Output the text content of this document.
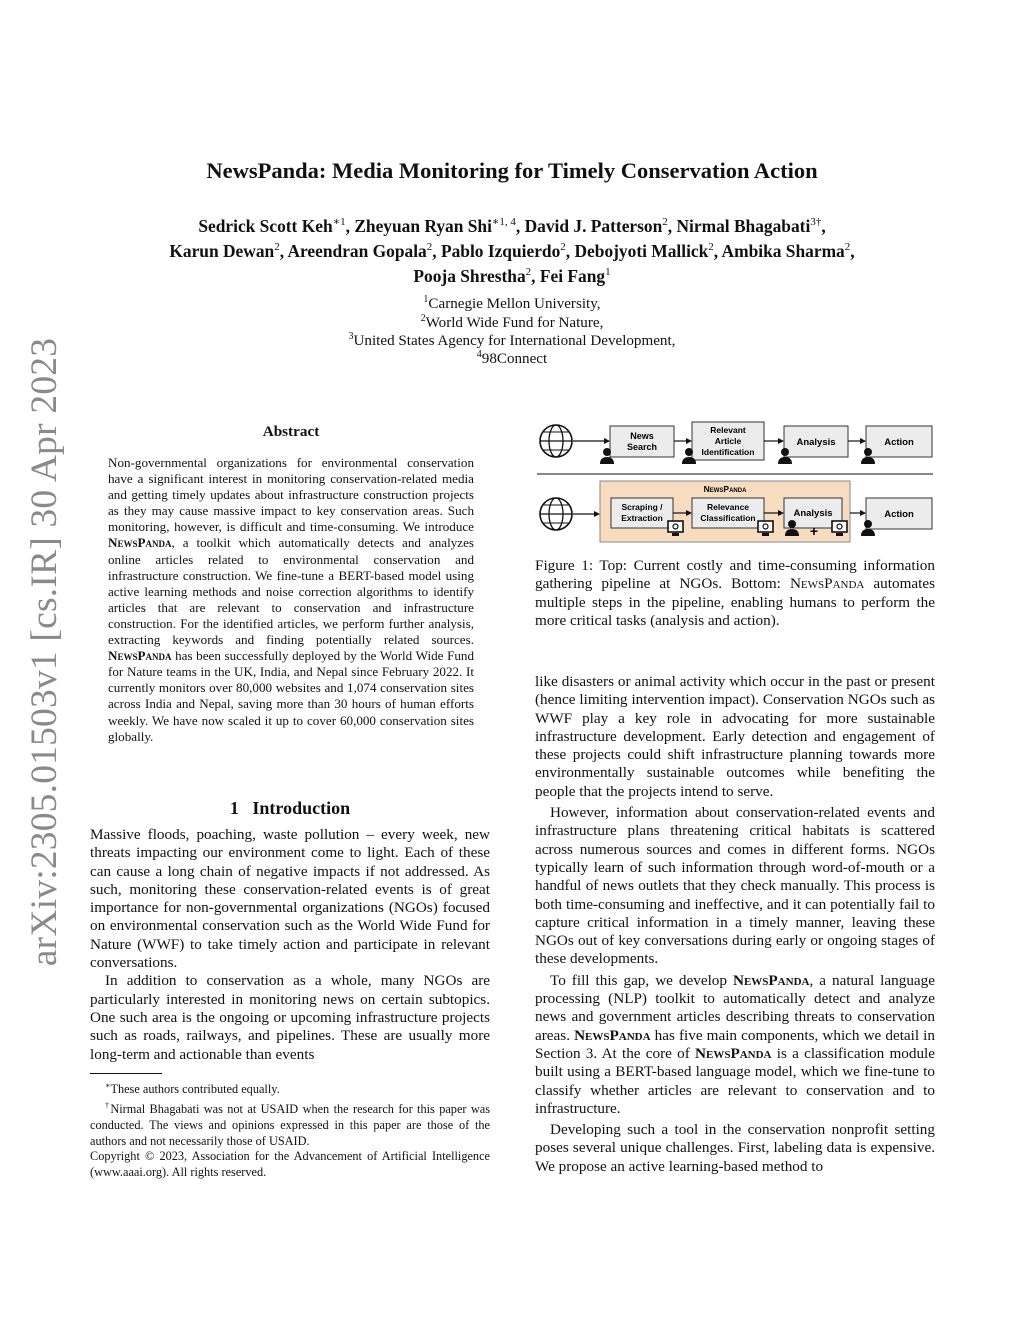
arXiv:2305.01503v1 [cs.IR] 30 Apr 2023
NewsPanda: Media Monitoring for Timely Conservation Action
Sedrick Scott Keh$^{∗1}$, Zheyuan Ryan Shi$^{∗1, 4}$, David J. Patterson$^2$, Nirmal Bhagabati$^{3\dagger}$,
Karun Dewan$^2$, Areendran Gopala$^2$, Pablo Izquierdo$^2$, Debojyoti Mallick$^2$, Ambika Sharma$^2$,
Pooja Shrestha$^2$, Fei Fang$^1$
$^1$Carnegie Mellon University,
$^2$World Wide Fund for Nature,
$^3$United States Agency for International Development,
$^4$98Connect
Abstract
Non-governmental organizations for environmental conservation have a significant interest in monitoring conservation-related media and getting timely updates about infrastructure construction projects as they may cause massive impact to key conservation areas. Such monitoring, however, is difficult and time-consuming. We introduce NewsPanda, a toolkit which automatically detects and analyzes online articles related to environmental conservation and infrastructure construction. We fine-tune a BERT-based model using active learning methods and noise correction algorithms to identify articles that are relevant to conservation and infrastructure construction. For the identified articles, we perform further analysis, extracting keywords and finding potentially related sources. NewsPanda has been successfully deployed by the World Wide Fund for Nature teams in the UK, India, and Nepal since February 2022. It currently monitors over 80,000 websites and 1,074 conservation sites across India and Nepal, saving more than 30 hours of human efforts weekly. We have now scaled it up to cover 60,000 conservation sites globally.
1   Introduction

Massive floods, poaching, waste pollution – every week, new threats impacting our environment come to light. Each of these can cause a long chain of negative impacts if not addressed. As such, monitoring these conservation-related events is of great importance for non-governmental organizations (NGOs) focused on environmental conservation such as the World Wide Fund for Nature (WWF) to take timely action and participate in relevant conversations.

In addition to conservation as a whole, many NGOs are particularly interested in monitoring news on certain subtopics. One such area is the ongoing or upcoming infrastructure projects such as roads, railways, and pipelines. These are usually more long-term and actionable than events

∗These authors contributed equally.
†Nirmal Bhagabati was not at USAID when the research for this paper was conducted. The views and opinions expressed in this paper are those of the authors and not necessarily those of USAID.
Copyright © 2023, Association for the Advancement of Artificial Intelligence (www.aaai.org). All rights reserved.
News
Search
Relevant
Article
Identification
Analysis	Action
NewsPanda
Scraping /
Extraction
Relevance
Classification	Analysis	Action
+
Figure 1: Top: Current costly and time-consuming information gathering pipeline at NGOs. Bottom: NewsPanda automates multiple steps in the pipeline, enabling humans to perform the more critical tasks (analysis and action).

like disasters or animal activity which occur in the past or present (hence limiting intervention impact). Conservation NGOs such as WWF play a key role in advocating for more sustainable infrastructure development. Early detection and engagement of these projects could shift infrastructure planning towards more environmentally sustainable outcomes while benefiting the people that the projects intend to serve.

However, information about conservation-related events and infrastructure plans threatening critical habitats is scattered across numerous sources and comes in different forms. NGOs typically learn of such information through word-of-mouth or a handful of news outlets that they check manually. This process is both time-consuming and ineffective, and it can potentially fail to capture critical information in a timely manner, leaving these NGOs out of key conversations during early or ongoing stages of these developments.

To fill this gap, we develop NewsPanda, a natural language processing (NLP) toolkit to automatically detect and analyze news and government articles describing threats to conservation areas. NewsPanda has five main components, which we detail in Section 3. At the core of NewsPanda is a classification module built using a BERT-based language model, which we fine-tune to classify whether articles are relevant to conservation and to infrastructure.

Developing such a tool in the conservation nonprofit setting poses several unique challenges. First, labeling data is expensive. We propose an active learning-based method to
